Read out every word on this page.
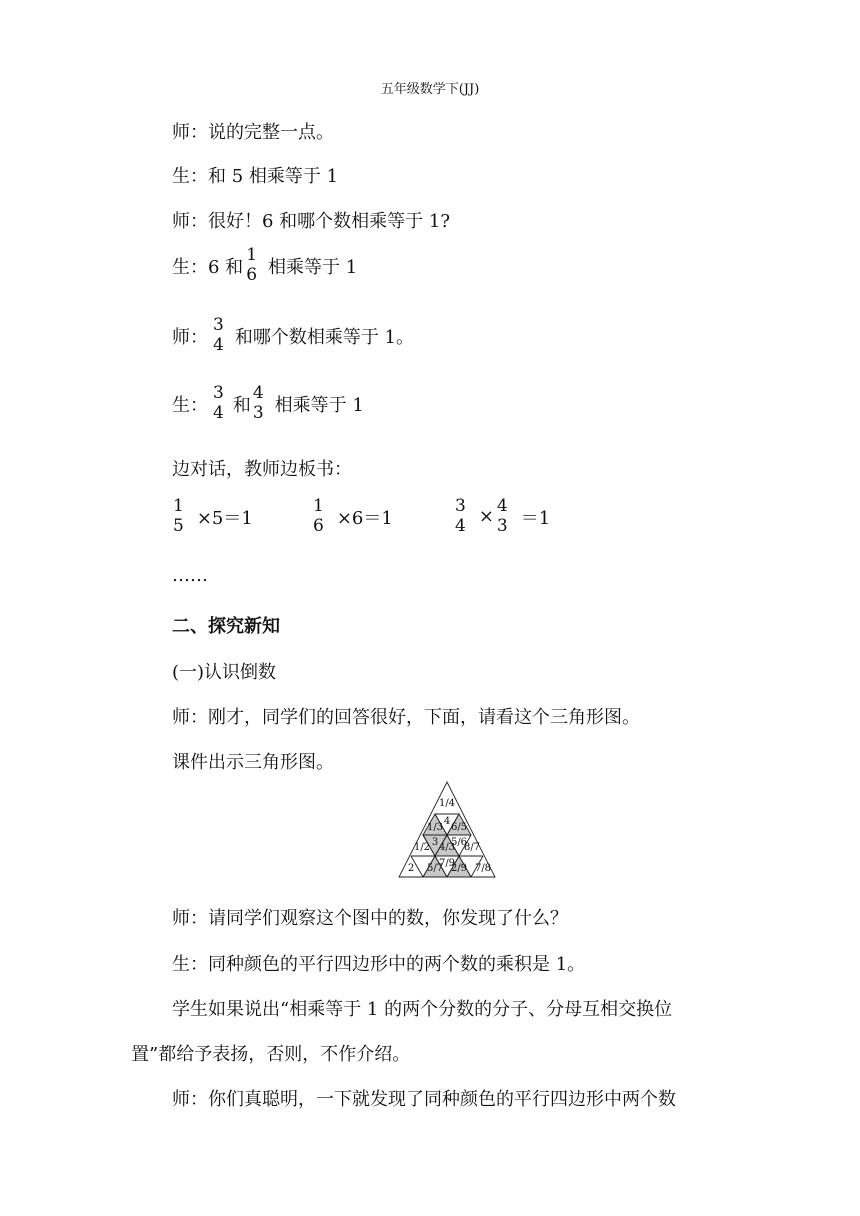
五年级数学下(JJ)
师：说的完整一点。
生：和 5 相乘等于 1
师：很好！6 和哪个数相乘等于 1?
生：6 和
1
6 相乘等于 1
师：
3
4 和哪个数相乘等于 1。
生：
3
4 和
4
3 相乘等于 1
边对话，教师边板书：
1
5 ×5＝1
1
6 ×6＝1
3
4 ×
4
3 ＝1
……
二、探究新知
(一)认识倒数
师：刚才，同学们的回答很好，下面，请看这个三角形图。
课件出示三角形图。
1/4
1/3
4
6/5
1/2 3 4/3
5/6
8/7
2 5/7
7/9
2/9 7/8
师：请同学们观察这个图中的数，你发现了什么？
生：同种颜色的平行四边形中的两个数的乘积是 1。
学生如果说出“相乘等于 1 的两个分数的分子、分母互相交换位
置”都给予表扬，否则，不作介绍。
师：你们真聪明，一下就发现了同种颜色的平行四边形中两个数
